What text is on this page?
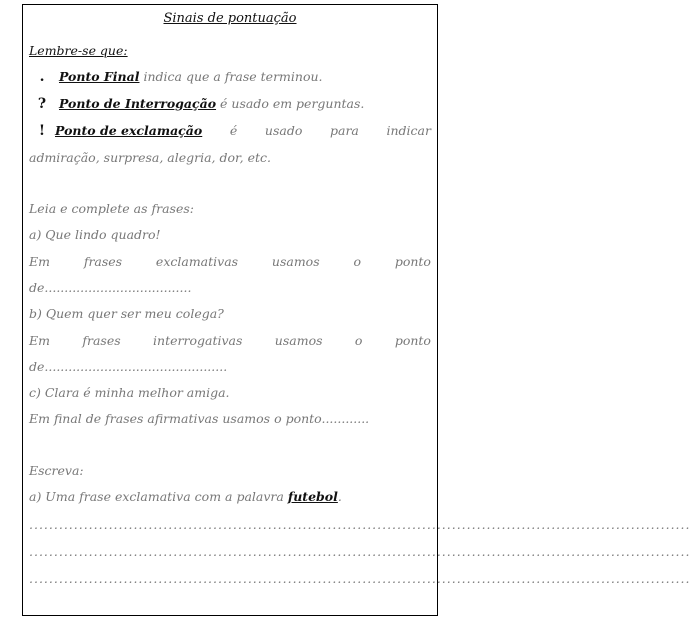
Sinais de pontuação
Lembre-se que:
. Ponto Final indica que a frase terminou.
? Ponto de Interrogação é usado em perguntas.
! Ponto de exclamação é usado para indicar
admiração, surpresa, alegria, dor, etc.
Leia e complete as frases:
a) Que lindo quadro!
Em	frases	exclamativas	usamos	o	ponto
de.....................................
b) Quem quer ser meu colega?
Em	frases	interrogativas	usamos	o	ponto
de..............................................
c) Clara é minha melhor amiga.
Em final de frases afirmativas usamos o ponto............
Escreva:
a) Uma frase exclamativa com a palavra futebol.
.....................................................................................................................................
.....................................................................................................................................
.....................................................................................................................................
